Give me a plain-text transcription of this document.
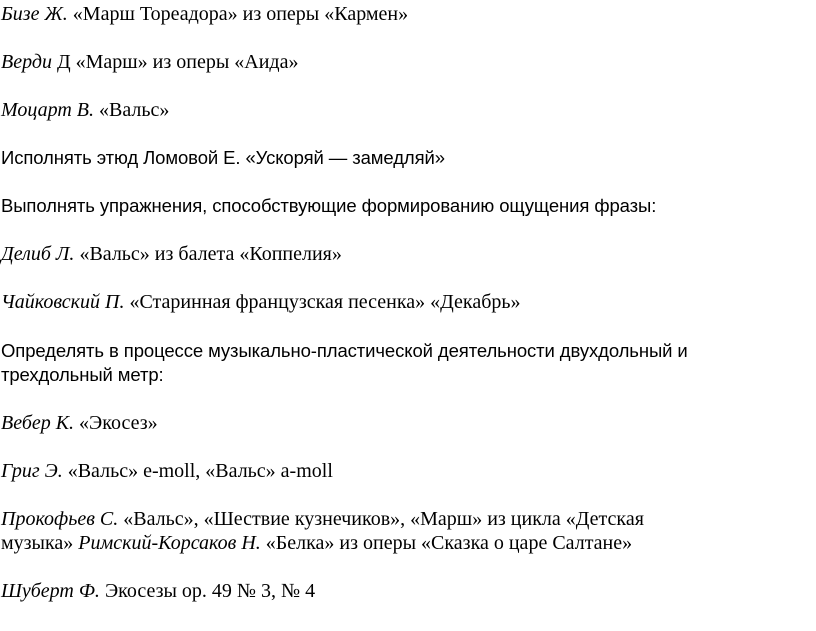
Бизе Ж. «Марш Тореадора» из оперы «Кармен»
Верди Д «Марш» из оперы «Аида»
Моцарт В. «Вальс»
Исполнять этюд Ломовой Е. «Ускоряй — замедляй»
Выполнять упражнения, способствующие формированию ощущения фразы:
Делиб Л. «Вальс» из балета «Коппелия»
Чайковский П. «Старинная французская песенка» «Декабрь»
Определять в процессе музыкально-пластической деятельности двухдольный и
трехдольный метр:
Вебер К. «Экосез»
Григ Э. «Вальс» e-moll, «Вальс» a-moll
Прокофьев С. «Вальс», «Шествие кузнечиков», «Марш» из цикла «Детская
музыка» Римский-Корсаков Н. «Белка» из оперы «Сказка о царе Салтане»
Шуберт Ф. Экосезы ор. 49 № 3, № 4
